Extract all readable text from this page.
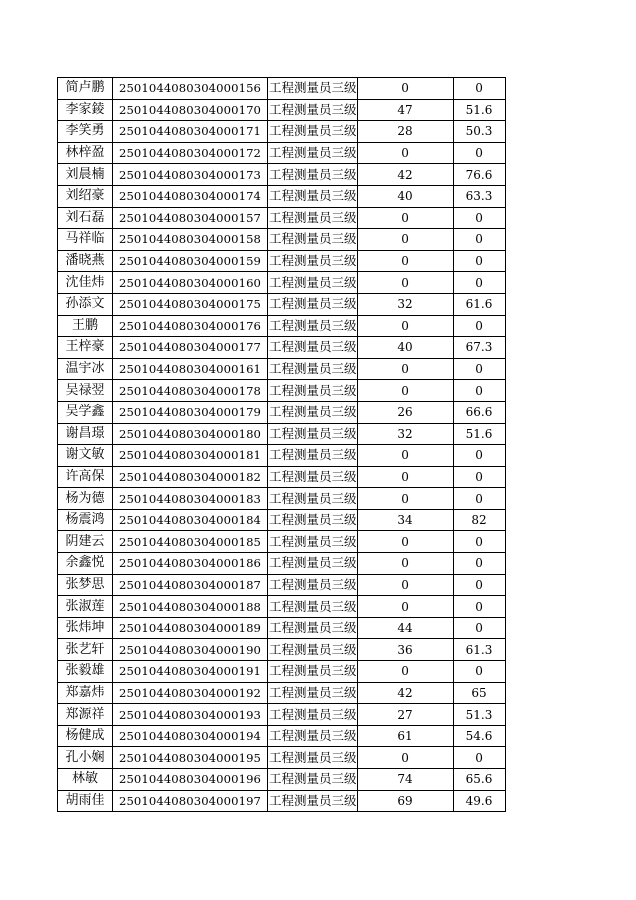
简卢鹏	2501044080304000156	工程测量员三级	0	0
李家錂	2501044080304000170	工程测量员三级	47	51.6
李笑勇	2501044080304000171	工程测量员三级	28	50.3
林梓盈	2501044080304000172	工程测量员三级	0	0
刘晨楠	2501044080304000173	工程测量员三级	42	76.6
刘绍豪	2501044080304000174	工程测量员三级	40	63.3
刘石磊	2501044080304000157	工程测量员三级	0	0
马祥临	2501044080304000158	工程测量员三级	0	0
潘晓燕	2501044080304000159	工程测量员三级	0	0
沈佳炜	2501044080304000160	工程测量员三级	0	0
孙添文	2501044080304000175	工程测量员三级	32	61.6
王鹏	2501044080304000176	工程测量员三级	0	0
王梓豪	2501044080304000177	工程测量员三级	40	67.3
温宇冰	2501044080304000161	工程测量员三级	0	0
吴禄翌	2501044080304000178	工程测量员三级	0	0
吴学鑫	2501044080304000179	工程测量员三级	26	66.6
谢昌璟	2501044080304000180	工程测量员三级	32	51.6
谢文敏	2501044080304000181	工程测量员三级	0	0
许高保	2501044080304000182	工程测量员三级	0	0
杨为德	2501044080304000183	工程测量员三级	0	0
杨震鸿	2501044080304000184	工程测量员三级	34	82
阴建云	2501044080304000185	工程测量员三级	0	0
余鑫悦	2501044080304000186	工程测量员三级	0	0
张梦思	2501044080304000187	工程测量员三级	0	0
张淑莲	2501044080304000188	工程测量员三级	0	0
张炜坤	2501044080304000189	工程测量员三级	44	0
张艺轩	2501044080304000190	工程测量员三级	36	61.3
张毅雄	2501044080304000191	工程测量员三级	0	0
郑嘉炜	2501044080304000192	工程测量员三级	42	65
郑源祥	2501044080304000193	工程测量员三级	27	51.3
杨健成	2501044080304000194	工程测量员三级	61	54.6
孔小娴	2501044080304000195	工程测量员三级	0	0
林敏	2501044080304000196	工程测量员三级	74	65.6
胡雨佳	2501044080304000197	工程测量员三级	69	49.6
